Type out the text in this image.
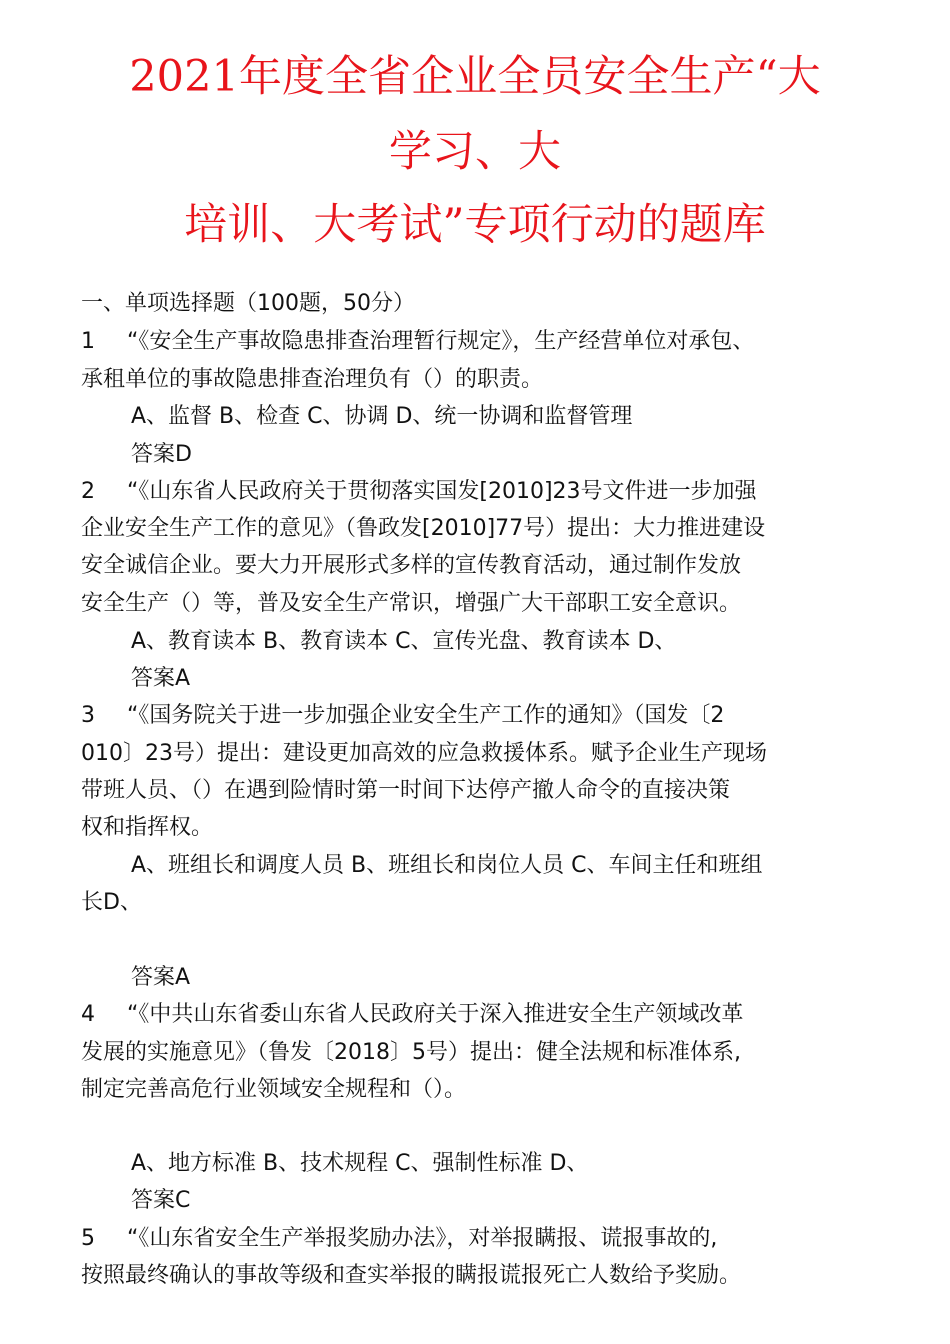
2021年度全省企业全员安全生产“大
学习、大
培训、大考试”专项行动的题库
一、单项选择题（100题，50分）
1 “《安全生产事故隐患排查治理暂行规定》，生产经营单位对承包、
承租单位的事故隐患排查治理负有（）的职责。
A、监督 B、检查 C、协调 D、统一协调和监督管理
答案D
2 “《山东省人民政府关于贯彻落实国发[2010]23号文件进一步加强
企业安全生产工作的意见》（鲁政发[2010]77号）提出：大力推进建设
安全诚信企业。要大力开展形式多样的宣传教育活动，通过制作发放
安全生产（）等，普及安全生产常识，增强广大干部职工安全意识。
A、教育读本 B、教育读本 C、宣传光盘、教育读本 D、
答案A
3 “《国务院关于进一步加强企业安全生产工作的通知》（国发〔2
010〕23号）提出：建设更加高效的应急救援体系。赋予企业生产现场
带班人员、（）在遇到险情时第一时间下达停产撤人命令的直接决策
权和指挥权。
A、班组长和调度人员 B、班组长和岗位人员 C、车间主任和班组
长D、
答案A
4 “《中共山东省委山东省人民政府关于深入推进安全生产领域改革
发展的实施意见》（鲁发〔2018〕5号）提出：健全法规和标准体系,
制定完善高危行业领域安全规程和（）。
A、地方标准 B、技术规程 C、强制性标准 D、
答案C
5 “《山东省安全生产举报奖励办法》，对举报瞒报、谎报事故的,
按照最终确认的事故等级和查实举报的瞒报谎报死亡人数给予奖励。
